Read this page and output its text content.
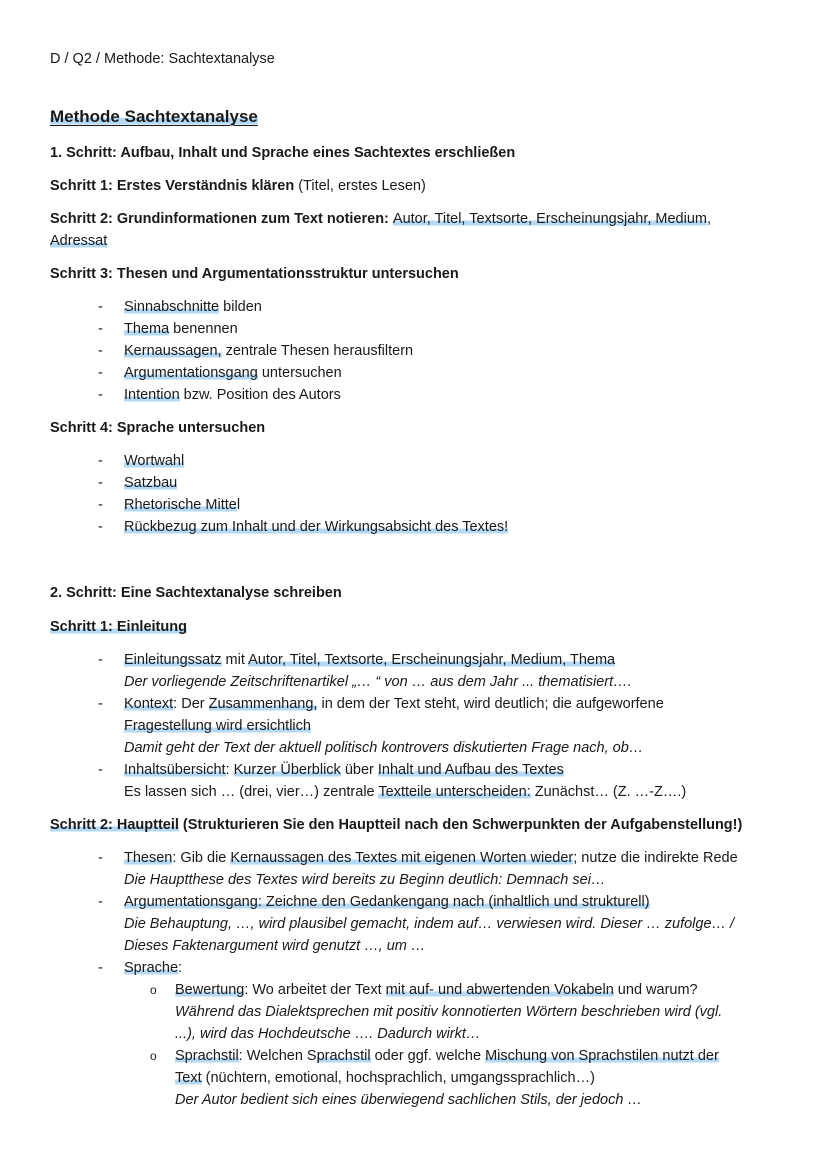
D / Q2 / Methode: Sachtextanalyse
Methode Sachtextanalyse
1. Schritt: Aufbau, Inhalt und Sprache eines Sachtextes erschließen
Schritt 1: Erstes Verständnis klären (Titel, erstes Lesen)
Schritt 2: Grundinformationen zum Text notieren: Autor, Titel, Textsorte, Erscheinungsjahr, Medium,
Adressat
Schritt 3: Thesen und Argumentationsstruktur untersuchen
- Sinnabschnitte bilden
- Thema benennen
- Kernaussagen, zentrale Thesen herausfiltern
- Argumentationsgang untersuchen
- Intention bzw. Position des Autors
Schritt 4: Sprache untersuchen
- Wortwahl
- Satzbau
- Rhetorische Mittel
- Rückbezug zum Inhalt und der Wirkungsabsicht des Textes!
2. Schritt: Eine Sachtextanalyse schreiben
Schritt 1: Einleitung
- Einleitungssatz mit Autor, Titel, Textsorte, Erscheinungsjahr, Medium, Thema
Der vorliegende Zeitschriftenartikel „… “ von … aus dem Jahr ... thematisiert….
- Kontext: Der Zusammenhang, in dem der Text steht, wird deutlich; die aufgeworfene
Fragestellung wird ersichtlich
Damit geht der Text der aktuell politisch kontrovers diskutierten Frage nach, ob…
- Inhaltsübersicht: Kurzer Überblick über Inhalt und Aufbau des Textes
Es lassen sich … (drei, vier…) zentrale Textteile unterscheiden: Zunächst… (Z. …-Z….)
Schritt 2: Hauptteil (Strukturieren Sie den Hauptteil nach den Schwerpunkten der Aufgabenstellung!)
- Thesen: Gib die Kernaussagen des Textes mit eigenen Worten wieder; nutze die indirekte Rede
Die Hauptthese des Textes wird bereits zu Beginn deutlich: Demnach sei…
- Argumentationsgang: Zeichne den Gedankengang nach (inhaltlich und strukturell)
Die Behauptung, …, wird plausibel gemacht, indem auf… verwiesen wird. Dieser … zufolge… /
Dieses Faktenargument wird genutzt …, um …
- Sprache:
o Bewertung: Wo arbeitet der Text mit auf- und abwertenden Vokabeln und warum?
Während das Dialektsprechen mit positiv konnotierten Wörtern beschrieben wird (vgl.
...), wird das Hochdeutsche …. Dadurch wirkt…
o Sprachstil: Welchen Sprachstil oder ggf. welche Mischung von Sprachstilen nutzt der
Text (nüchtern, emotional, hochsprachlich, umgangssprachlich…)
Der Autor bedient sich eines überwiegend sachlichen Stils, der jedoch …
